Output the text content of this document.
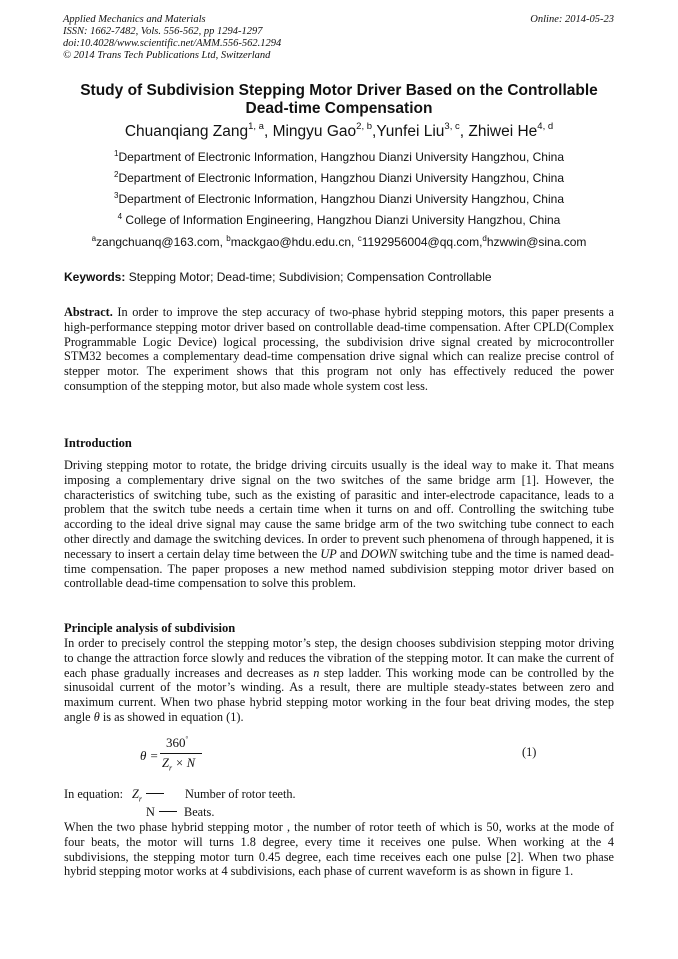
Applied Mechanics and Materials
ISSN: 1662-7482, Vols. 556-562, pp 1294-1297
doi:10.4028/www.scientific.net/AMM.556-562.1294
© 2014 Trans Tech Publications Ltd, Switzerland
Online: 2014-05-23
Study of Subdivision Stepping Motor Driver Based on the Controllable
Dead-time Compensation
Chuanqiang Zang$^{1, a}$, Mingyu Gao$^{2, b}$,Yunfei Liu$^{3, c}$, Zhiwei He$^{4, d}$
$^1$Department of Electronic Information, Hangzhou Dianzi University Hangzhou, China
$^2$Department of Electronic Information, Hangzhou Dianzi University Hangzhou, China
$^3$Department of Electronic Information, Hangzhou Dianzi University Hangzhou, China
$^4$ College of Information Engineering, Hangzhou Dianzi University Hangzhou, China
$^a$zangchuanq@163.com, $^b$mackgao@hdu.edu.cn, $^c$1192956004@qq.com,$^d$hzwwin@sina.com
Keywords: Stepping Motor; Dead-time; Subdivision; Compensation Controllable
Abstract. In order to improve the step accuracy of two-phase hybrid stepping motors, this paper presents a high-performance stepping motor driver based on controllable dead-time compensation. After CPLD(Complex Programmable Logic Device) logical processing, the subdivision drive signal created by microcontroller STM32 becomes a complementary dead-time compensation drive signal which can realize precise control of stepper motor. The experiment shows that this program not only has effectively reduced the power consumption of the stepping motor, but also made whole system cost less.
Introduction
Driving stepping motor to rotate, the bridge driving circuits usually is the ideal way to make it. That means imposing a complementary drive signal on the two switches of the same bridge arm [1]. However, the characteristics of switching tube, such as the existing of parasitic and inter-electrode capacitance, leads to a problem that the switch tube needs a certain time when it turns on and off. Controlling the switching tube according to the ideal drive signal may cause the same bridge arm of the two switching tube connect to each other directly and damage the switching devices. In order to prevent such phenomena of through happened, it is necessary to insert a certain delay time between the UP and DOWN switching tube and the time is named dead-time compensation. The paper proposes a new method named subdivision stepping motor driver based on controllable dead-time compensation to solve this problem.
Principle analysis of subdivision
In order to precisely control the stepping motor’s step, the design chooses subdivision stepping motor driving to change the attraction force slowly and reduces the vibration of the stepping motor. It can make the current of each phase gradually increases and decreases as n step ladder. This working mode can be controlled by the sinusoidal current of the motor’s winding. As a result, there are multiple steady-states between zero and maximum current. When two phase hybrid stepping motor working in the four beat driving modes, the step angle θ is as showed in equation (1).
θ =
360°
$Z_r \times N$
(1)
In equation: $Z_r$	Number of rotor teeth.
N	Beats.
When the two phase hybrid stepping motor , the number of rotor teeth of which is 50, works at the mode of four beats, the motor will turns 1.8 degree, every time it receives one pulse. When working at the 4 subdivisions, the stepping motor turn 0.45 degree, each time receives each one pulse [2]. When two phase hybrid stepping motor works at 4 subdivisions, each phase of current waveform is as shown in figure 1.
